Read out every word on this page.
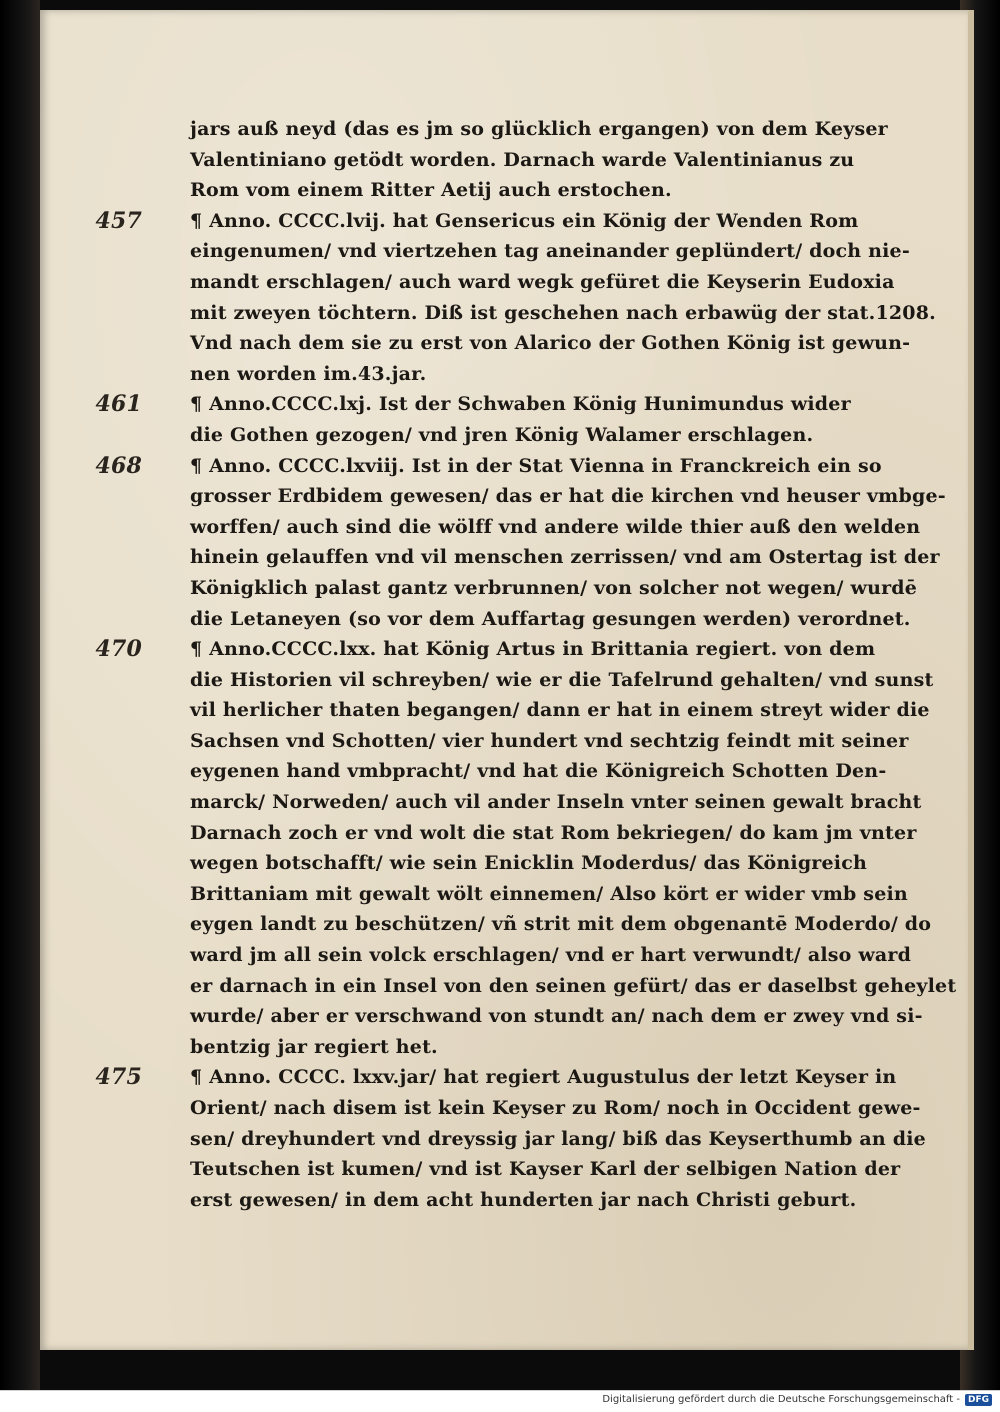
jars auß neyd (das es jm so glücklich ergangen) von dem Keyser
Valentiniano getödt worden. Darnach warde Valentinianus zu
Rom vom einem Ritter Aetij auch erstochen.
457	¶ Anno. CCCC.lvij. hat Gensericus ein König der Wenden Rom
eingenumen/ vnd viertzehen tag aneinander geplündert/ doch nie-
mandt erschlagen/ auch ward wegk gefüret die Keyserin Eudoxia
mit zweyen töchtern. Diß ist geschehen nach erbawüg der stat.1208.
Vnd nach dem sie zu erst von Alarico der Gothen König ist gewun-
nen worden im.43.jar.
461	¶ Anno.CCCC.lxj. Ist der Schwaben König Hunimundus wider
die Gothen gezogen/ vnd jren König Walamer erschlagen.
468	¶ Anno. CCCC.lxviij. Ist in der Stat Vienna in Franckreich ein so
grosser Erdbidem gewesen/ das er hat die kirchen vnd heuser vmbge-
worffen/ auch sind die wölff vnd andere wilde thier auß den welden
hinein gelauffen vnd vil menschen zerrissen/ vnd am Ostertag ist der
Königklich palast gantz verbrunnen/ von solcher not wegen/ wurdē
die Letaneyen (so vor dem Auffartag gesungen werden) verordnet.
470	¶ Anno.CCCC.lxx. hat König Artus in Brittania regiert. von dem
die Historien vil schreyben/ wie er die Tafelrund gehalten/ vnd sunst
vil herlicher thaten begangen/ dann er hat in einem streyt wider die
Sachsen vnd Schotten/ vier hundert vnd sechtzig feindt mit seiner
eygenen hand vmbpracht/ vnd hat die Königreich Schotten Den-
marck/ Norweden/ auch vil ander Inseln vnter seinen gewalt bracht
Darnach zoch er vnd wolt die stat Rom bekriegen/ do kam jm vnter
wegen botschafft/ wie sein Enicklin Moderdus/ das Königreich
Brittaniam mit gewalt wölt einnemen/ Also kört er wider vmb sein
eygen landt zu beschützen/ vñ strit mit dem obgenantē Moderdo/ do
ward jm all sein volck erschlagen/ vnd er hart verwundt/ also ward
er darnach in ein Insel von den seinen gefürt/ das er daselbst geheylet
wurde/ aber er verschwand von stundt an/ nach dem er zwey vnd si-
bentzig jar regiert het.
475	¶ Anno. CCCC. lxxv.jar/ hat regiert Augustulus der letzt Keyser in
Orient/ nach disem ist kein Keyser zu Rom/ noch in Occident gewe-
sen/ dreyhundert vnd dreyssig jar lang/ biß das Keyserthumb an die
Teutschen ist kumen/ vnd ist Kayser Karl der selbigen Nation der
erst gewesen/ in dem acht hunderten jar nach Christi geburt.
Digitalisierung gefördert durch die Deutsche Forschungsgemeinschaft - DFG
